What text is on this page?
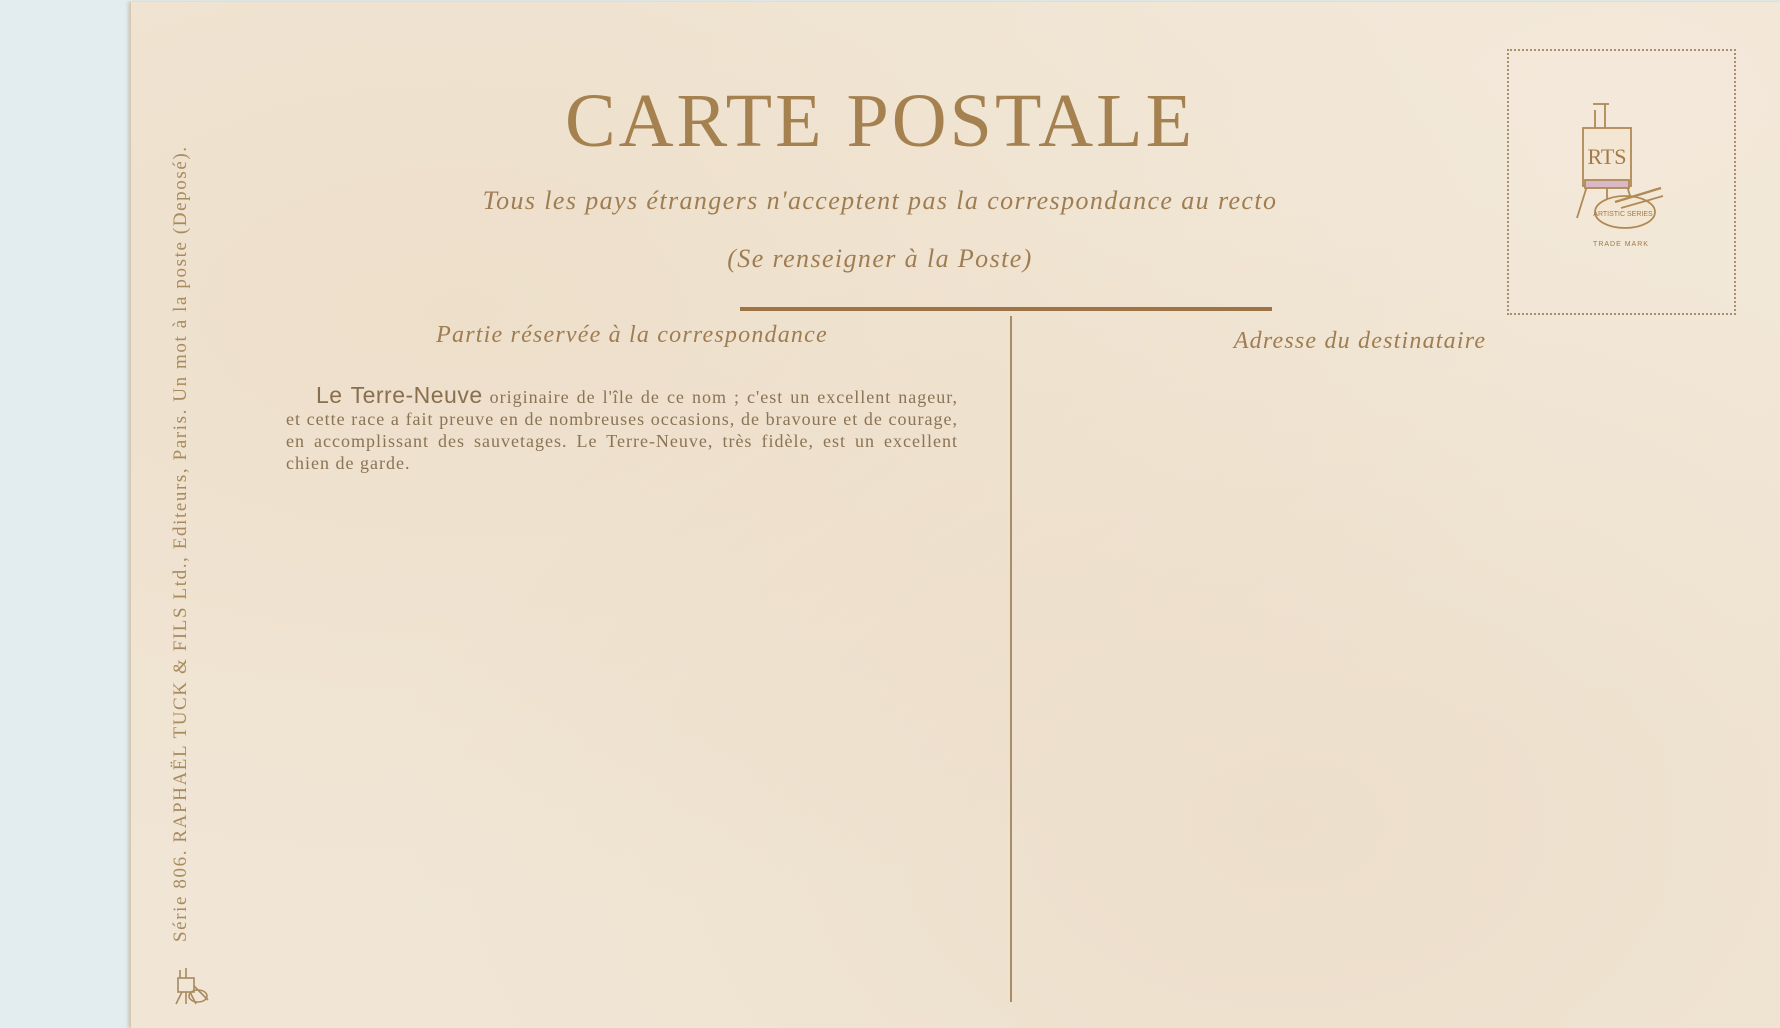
Série 806. RAPHAËL TUCK & FILS Ltd., Editeurs, Paris. Un mot à la poste (Deposé).
CARTE POSTALE
Tous les pays étrangers n'acceptent pas la correspondance au recto
(Se renseigner à la Poste)
RTS
ARTISTIC SERIES
TRADE MARK
Partie réservée à la correspondance	Adresse du destinataire
Le Terre-Neuve originaire de l'île de ce nom ; c'est un excellent nageur, et cette race a fait preuve en de nombreuses occasions, de bravoure et de courage, en accomplissant des sauvetages. Le Terre-Neuve, très fidèle, est un excellent chien de garde.
